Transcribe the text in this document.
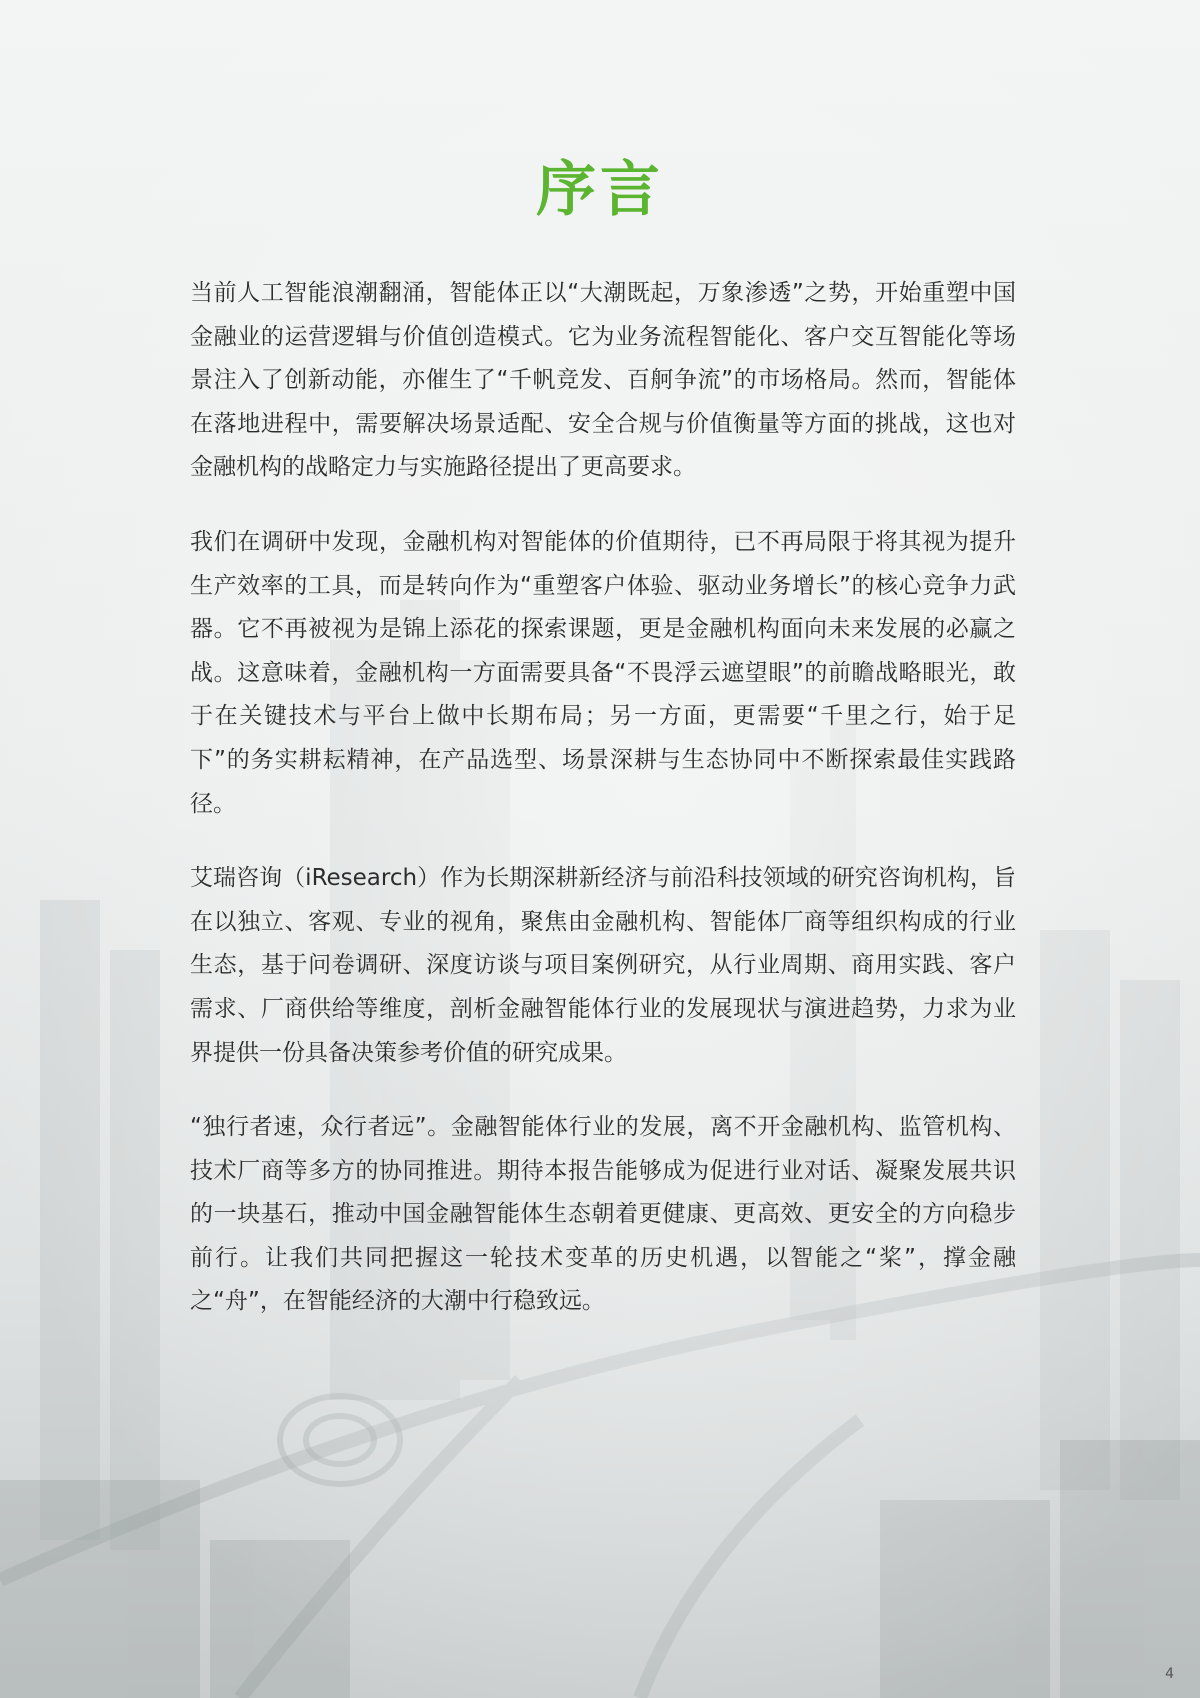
序言

当前人工智能浪潮翻涌，智能体正以“大潮既起，万象渗透”之势，开始重塑中国金融业的运营逻辑与价值创造模式。它为业务流程智能化、客户交互智能化等场景注入了创新动能，亦催生了“千帆竞发、百舸争流”的市场格局。然而，智能体在落地进程中，需要解决场景适配、安全合规与价值衡量等方面的挑战，这也对金融机构的战略定力与实施路径提出了更高要求。

我们在调研中发现，金融机构对智能体的价值期待，已不再局限于将其视为提升生产效率的工具，而是转向作为“重塑客户体验、驱动业务增长”的核心竞争力武器。它不再被视为是锦上添花的探索课题，更是金融机构面向未来发展的必赢之战。这意味着，金融机构一方面需要具备“不畏浮云遮望眼”的前瞻战略眼光，敢于在关键技术与平台上做中长期布局；另一方面，更需要“千里之行，始于足下”的务实耕耘精神，在产品选型、场景深耕与生态协同中不断探索最佳实践路径。

艾瑞咨询（iResearch）作为长期深耕新经济与前沿科技领域的研究咨询机构，旨在以独立、客观、专业的视角，聚焦由金融机构、智能体厂商等组织构成的行业生态，基于问卷调研、深度访谈与项目案例研究，从行业周期、商用实践、客户需求、厂商供给等维度，剖析金融智能体行业的发展现状与演进趋势，力求为业界提供一份具备决策参考价值的研究成果。

“独行者速，众行者远”。金融智能体行业的发展，离不开金融机构、监管机构、技术厂商等多方的协同推进。期待本报告能够成为促进行业对话、凝聚发展共识的一块基石，推动中国金融智能体生态朝着更健康、更高效、更安全的方向稳步前行。让我们共同把握这一轮技术变革的历史机遇，以智能之“桨”，撑金融之“舟”，在智能经济的大潮中行稳致远。

4
